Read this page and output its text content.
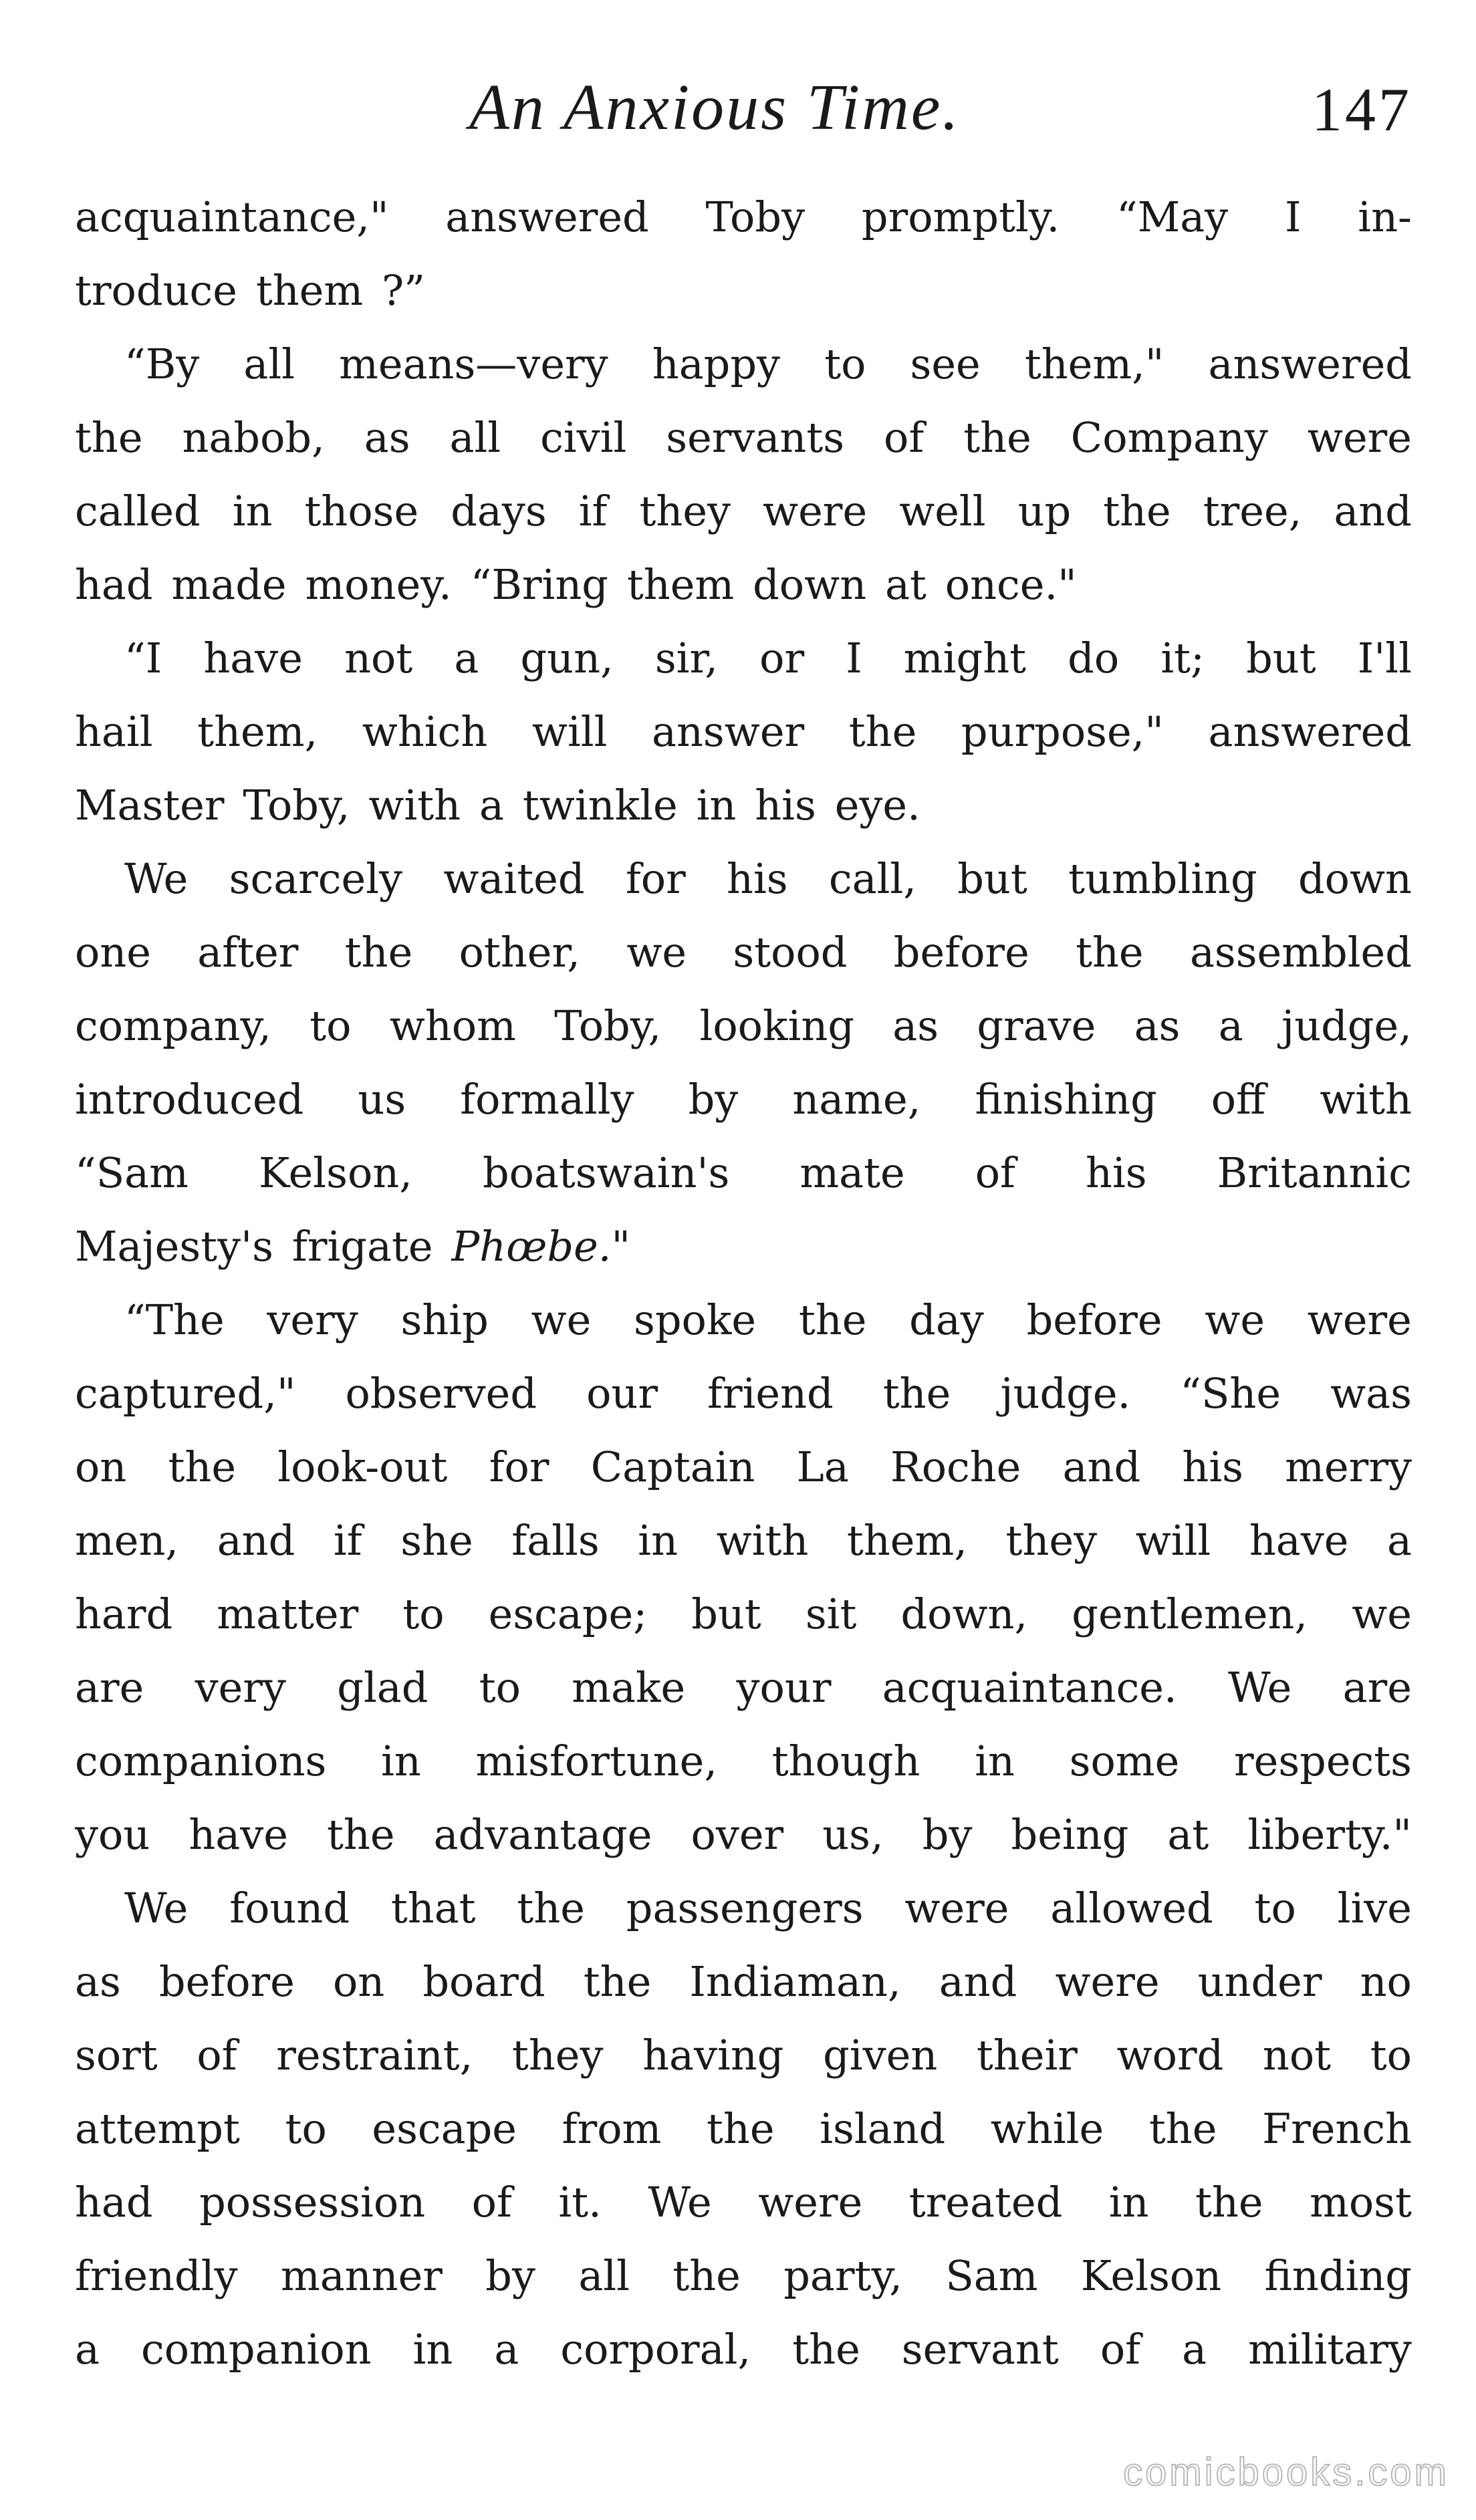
An Anxious Time.	147
acquaintance," answered Toby promptly. “May I in-
troduce them ?”
“By all means—very happy to see them," answered
the nabob, as all civil servants of the Company were
called in those days if they were well up the tree, and
had made money. “Bring them down at once."
“I have not a gun, sir, or I might do it; but I'll
hail them, which will answer the purpose," answered
Master Toby, with a twinkle in his eye.
We scarcely waited for his call, but tumbling down
one after the other, we stood before the assembled
company, to whom Toby, looking as grave as a judge,
introduced us formally by name, finishing off with
“Sam Kelson, boatswain's mate of his Britannic
Majesty's frigate Phœbe."
“The very ship we spoke the day before we were
captured," observed our friend the judge. “She was
on the look-out for Captain La Roche and his merry
men, and if she falls in with them, they will have a
hard matter to escape; but sit down, gentlemen, we
are very glad to make your acquaintance. We are
companions in misfortune, though in some respects
you have the advantage over us, by being at liberty."
We found that the passengers were allowed to live
as before on board the Indiaman, and were under no
sort of restraint, they having given their word not to
attempt to escape from the island while the French
had possession of it. We were treated in the most
friendly manner by all the party, Sam Kelson finding
a companion in a corporal, the servant of a military
comicbooks.com
